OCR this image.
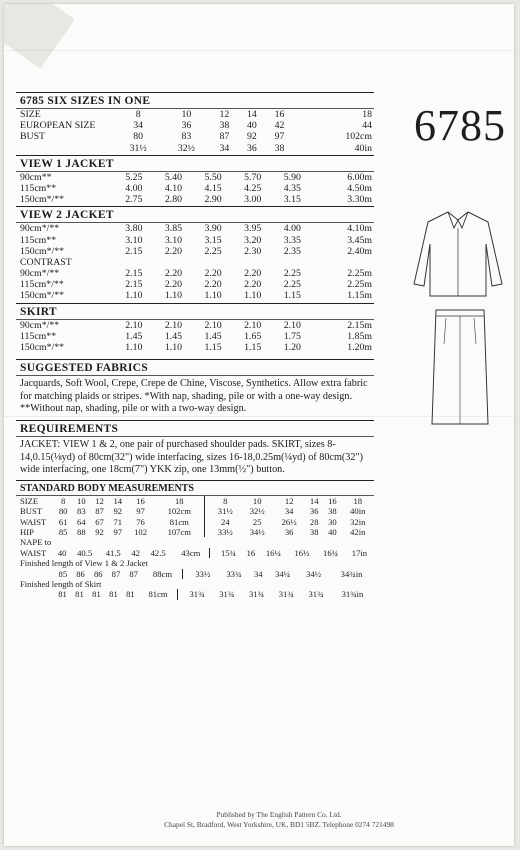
6785
6785 SIX SIZES IN ONE
SIZE	8	10	12	14	16	18
EUROPEAN SIZE	34	36	38	40	42	44
BUST	80	83	87	92	97	102cm
	31½	32½	34	36	38	40in
VIEW 1 JACKET
90cm**	5.25	5.40	5.50	5.70	5.90	6.00m
115cm**	4.00	4.10	4.15	4.25	4.35	4.50m
150cm*/**	2.75	2.80	2.90	3.00	3.15	3.30m
VIEW 2 JACKET
90cm*/**	3.80	3.85	3.90	3.95	4.00	4.10m
115cm**	3.10	3.10	3.15	3.20	3.35	3.45m
150cm*/**	2.15	2.20	2.25	2.30	2.35	2.40m
CONTRAST
90cm*/**	2.15	2.20	2.20	2.20	2.25	2.25m
115cm*/**	2.15	2.20	2.20	2.20	2.25	2.25m
150cm*/**	1.10	1.10	1.10	1.10	1.15	1.15m
SKIRT
90cm*/**	2.10	2.10	2.10	2.10	2.10	2.15m
115cm**	1.45	1.45	1.45	1.65	1.75	1.85m
150cm*/**	1.10	1.10	1.15	1.15	1.20	1.20m
SUGGESTED FABRICS
Jacquards, Soft Wool, Crepe, Crepe de Chine, Viscose, Synthetics. Allow extra fabric for matching plaids or stripes. *With nap, shading, pile or with a one-way design. **Without nap, shading, pile or with a two-way design.
REQUIREMENTS
JACKET: VIEW 1 & 2, one pair of purchased shoulder pads. SKIRT, sizes 8-14,0.15(⅛yd) of 80cm(32") wide interfacing, sizes 16-18,0.25m(¼yd) of 80cm(32") wide interfacing, one 18cm(7") YKK zip, one 13mm(½") button.
STANDARD BODY MEASUREMENTS
SIZE	8	10	12	14	16	18		8	10	12	14	16	18
BUST	80	83	87	92	97	102cm		31½	32½	34	36	38	40in
WAIST	61	64	67	71	76	81cm		24	25	26½	28	30	32in
HIP	85	88	92	97	102	107cm		33½	34½	36	38	40	42in
NAPE to
WAIST	40	40.5	41.5	42	42.5	43cm		15¾	16	16¼	16½	16¾	17in
Finished length of View 1 & 2 Jacket
	85	86	86	87	87	88cm		33½	33¾	34	34¼	34½	34¾in
Finished length of Skirt
	81	81	81	81	81	81cm		31¾	31¾	31¾	31¾	31¾	31¾in
Published by The English Pattern Co. Ltd.
Chapel St, Bradford, West Yorkshire, UK, BD1 5BZ. Telephone 0274 721498
